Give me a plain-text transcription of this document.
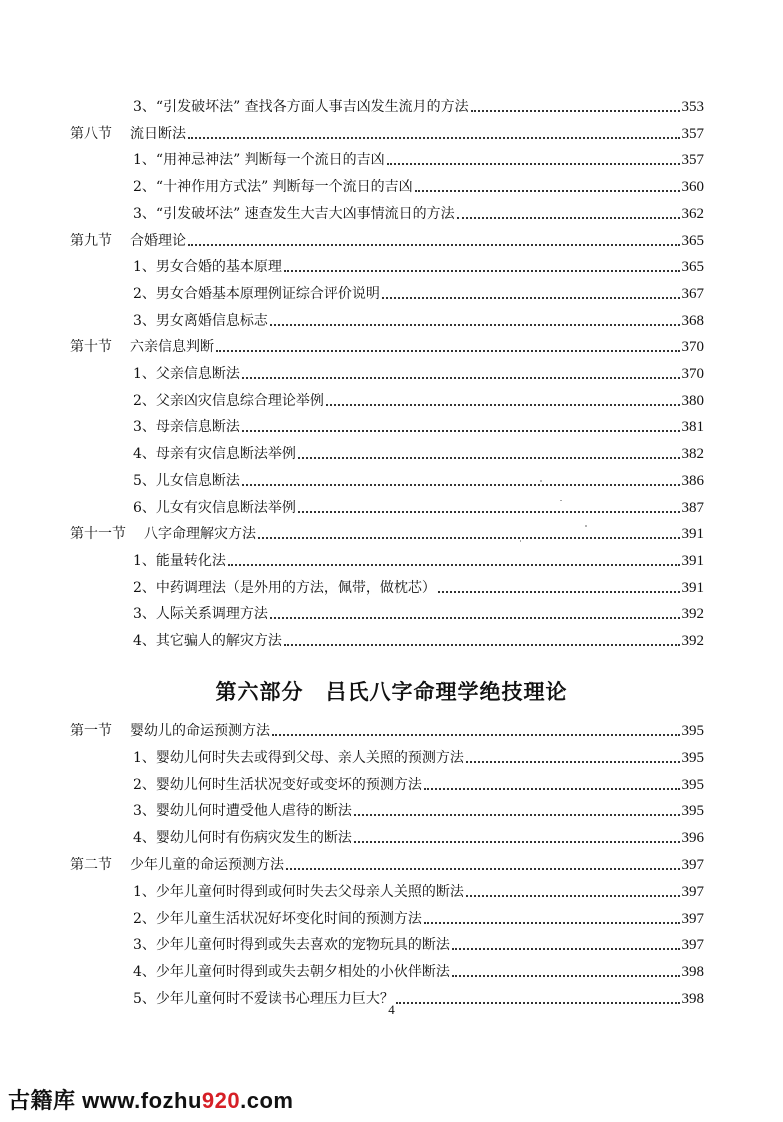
3、“引发破坏法” 查找各方面人事吉凶发生流月的方法	353
第八节 流日断法	357
1、“用神忌神法” 判断每一个流日的吉凶	357
2、“十神作用方式法” 判断每一个流日的吉凶	360
3、“引发破坏法” 速查发生大吉大凶事情流日的方法	362
第九节 合婚理论	365
1、男女合婚的基本原理	365
2、男女合婚基本原理例证综合评价说明	367
3、男女离婚信息标志	368
第十节 六亲信息判断	370
1、父亲信息断法	370
2、父亲凶灾信息综合理论举例	380
3、母亲信息断法	381
4、母亲有灾信息断法举例	382
5、儿女信息断法	386
6、儿女有灾信息断法举例	387
第十一节 八字命理解灾方法	391
1、能量转化法	391
2、中药调理法（是外用的方法，佩带，做枕芯）	391
3、人际关系调理方法	392
4、其它骗人的解灾方法	392
第六部分 吕氏八字命理学绝技理论
第一节 婴幼儿的命运预测方法	395
1、婴幼儿何时失去或得到父母、亲人关照的预测方法	395
2、婴幼儿何时生活状况变好或变坏的预测方法	395
3、婴幼儿何时遭受他人虐待的断法	395
4、婴幼儿何时有伤病灾发生的断法	396
第二节 少年儿童的命运预测方法	397
1、少年儿童何时得到或何时失去父母亲人关照的断法	397
2、少年儿童生活状况好坏变化时间的预测方法	397
3、少年儿童何时得到或失去喜欢的宠物玩具的断法	397
4、少年儿童何时得到或失去朝夕相处的小伙伴断法	398
5、少年儿童何时不爱读书心理压力巨大？	398
4
古籍库 www.fozhu920.com
